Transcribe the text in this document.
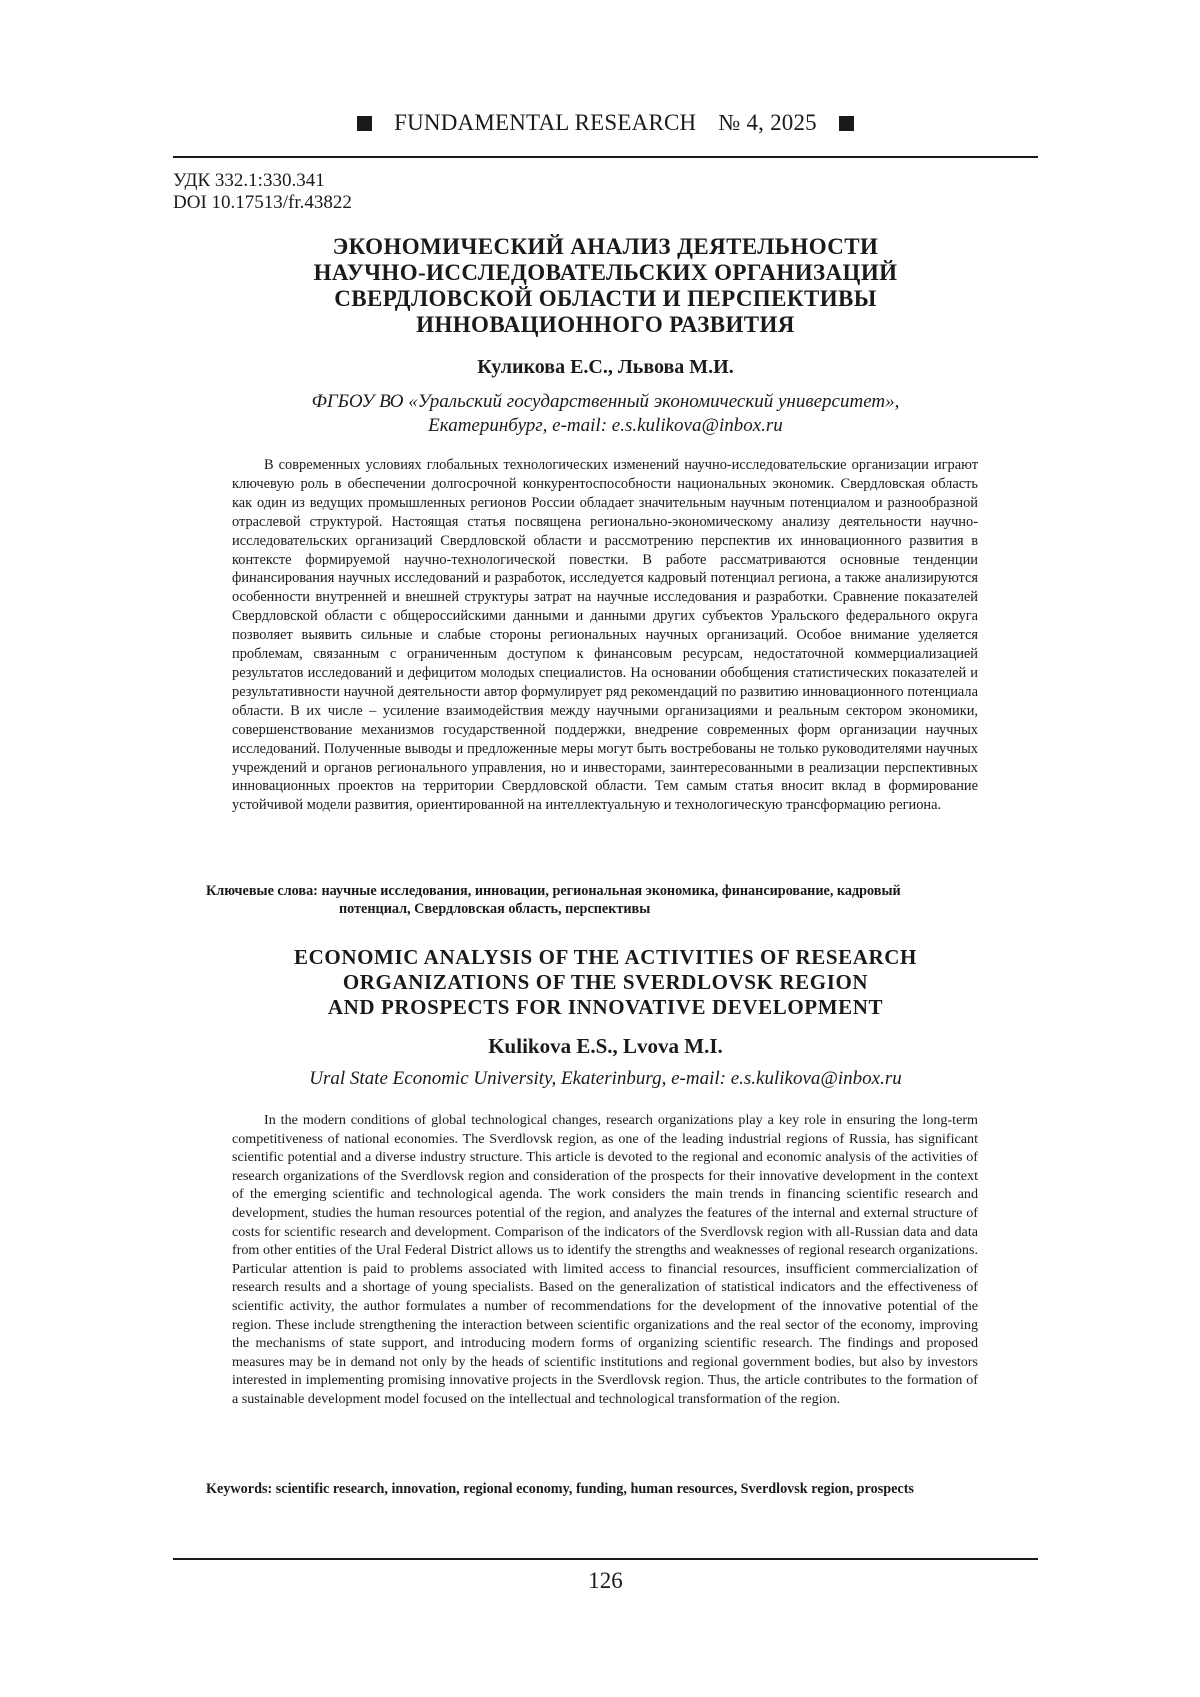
FUNDAMENTAL RESEARCH № 4, 2025
УДК 332.1:330.341
DOI 10.17513/fr.43822
ЭКОНОМИЧЕСКИЙ АНАЛИЗ ДЕЯТЕЛЬНОСТИ
НАУЧНО-ИССЛЕДОВАТЕЛЬСКИХ ОРГАНИЗАЦИЙ
СВЕРДЛОВСКОЙ ОБЛАСТИ И ПЕРСПЕКТИВЫ
ИННОВАЦИОННОГО РАЗВИТИЯ
Куликова Е.С., Львова М.И.
ФГБОУ ВО «Уральский государственный экономический университет»,
Екатеринбург, e-mail: e.s.kulikova@inbox.ru

В современных условиях глобальных технологических изменений научно-исследовательские организации играют ключевую роль в обеспечении долгосрочной конкурентоспособности национальных экономик. Свердловская область как один из ведущих промышленных регионов России обладает значительным научным потенциалом и разнообразной отраслевой структурой. Настоящая статья посвящена регионально-экономическому анализу деятельности научно-исследовательских организаций Свердловской области и рассмотрению перспектив их инновационного развития в контексте формируемой научно-технологической повестки. В работе рассматриваются основные тенденции финансирования научных исследований и разработок, исследуется кадровый потенциал региона, а также анализируются особенности внутренней и внешней структуры затрат на научные исследования и разработки. Сравнение показателей Свердловской области с общероссийскими данными и данными других субъектов Уральского федерального округа позволяет выявить сильные и слабые стороны региональных научных организаций. Особое внимание уделяется проблемам, связанным с ограниченным доступом к финансовым ресурсам, недостаточной коммерциализацией результатов исследований и дефицитом молодых специалистов. На основании обобщения статистических показателей и результативности научной деятельности автор формулирует ряд рекомендаций по развитию инновационного потенциала области. В их числе – усиление взаимодействия между научными организациями и реальным сектором экономики, совершенствование механизмов государственной поддержки, внедрение современных форм организации научных исследований. Полученные выводы и предложенные меры могут быть востребованы не только руководителями научных учреждений и органов регионального управления, но и инвесторами, заинтересованными в реализации перспективных инновационных проектов на территории Свердловской области. Тем самым статья вносит вклад в формирование устойчивой модели развития, ориентированной на интеллектуальную и технологическую трансформацию региона.

Ключевые слова: научные исследования, инновации, региональная экономика, финансирование, кадровый
потенциал, Свердловская область, перспективы
ECONOMIC ANALYSIS OF THE ACTIVITIES OF RESEARCH
ORGANIZATIONS OF THE SVERDLOVSK REGION
AND PROSPECTS FOR INNOVATIVE DEVELOPMENT
Kulikova E.S., Lvova M.I.
Ural State Economic University, Ekaterinburg, e-mail: e.s.kulikova@inbox.ru

In the modern conditions of global technological changes, research organizations play a key role in ensuring the long-term competitiveness of national economies. The Sverdlovsk region, as one of the leading industrial regions of Russia, has significant scientific potential and a diverse industry structure. This article is devoted to the regional and economic analysis of the activities of research organizations of the Sverdlovsk region and consideration of the prospects for their innovative development in the context of the emerging scientific and technological agenda. The work considers the main trends in financing scientific research and development, studies the human resources potential of the region, and analyzes the features of the internal and external structure of costs for scientific research and development. Comparison of the indicators of the Sverdlovsk region with all-Russian data and data from other entities of the Ural Federal District allows us to identify the strengths and weaknesses of regional research organizations. Particular attention is paid to problems associated with limited access to financial resources, insufficient commercialization of research results and a shortage of young specialists. Based on the generalization of statistical indicators and the effectiveness of scientific activity, the author formulates a number of recommendations for the development of the innovative potential of the region. These include strengthening the interaction between scientific organizations and the real sector of the economy, improving the mechanisms of state support, and introducing modern forms of organizing scientific research. The findings and proposed measures may be in demand not only by the heads of scientific institutions and regional government bodies, but also by investors interested in implementing promising innovative projects in the Sverdlovsk region. Thus, the article contributes to the formation of a sustainable development model focused on the intellectual and technological transformation of the region.

Keywords: scientific research, innovation, regional economy, funding, human resources, Sverdlovsk region, prospects
126
